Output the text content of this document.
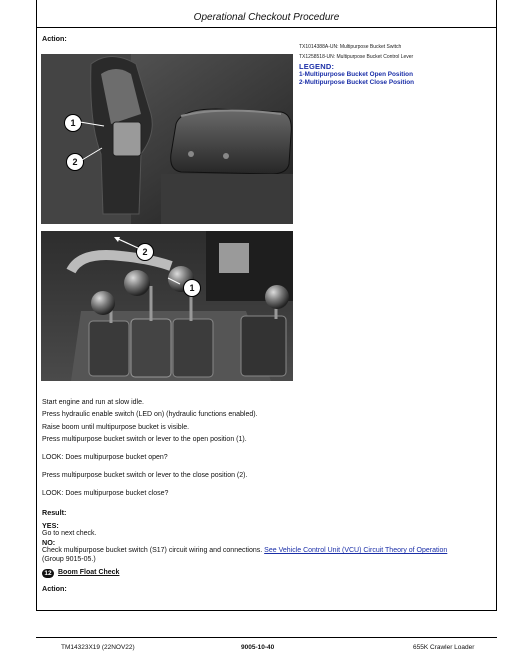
Operational Checkout Procedure
Action:
1
2
TX1014388A-UN: Multipurpose Bucket Switch
TX1258518-UN: Multipurpose Bucket Control Lever
LEGEND:
1-Multipurpose Bucket Open Position
2-Multipurpose Bucket Close Position
2
1
Start engine and run at slow idle.
Press hydraulic enable switch (LED on) (hydraulic functions enabled).
Raise boom until multipurpose bucket is visible.
Press multipurpose bucket switch or lever to the open position (1).
LOOK: Does multipurpose bucket open?
Press multipurpose bucket switch or lever to the close position (2).
LOOK: Does multipurpose bucket close?
Result:
YES:
Go to next check.
NO:
Check multipurpose bucket switch (S17) circuit wiring and connections. See Vehicle Control Unit (VCU) Circuit Theory of Operation
(Group 9015-05.)
12 Boom Float Check
Action:
TM14323X19 (22NOV22)	9005-10-40	655K Crawler Loader
